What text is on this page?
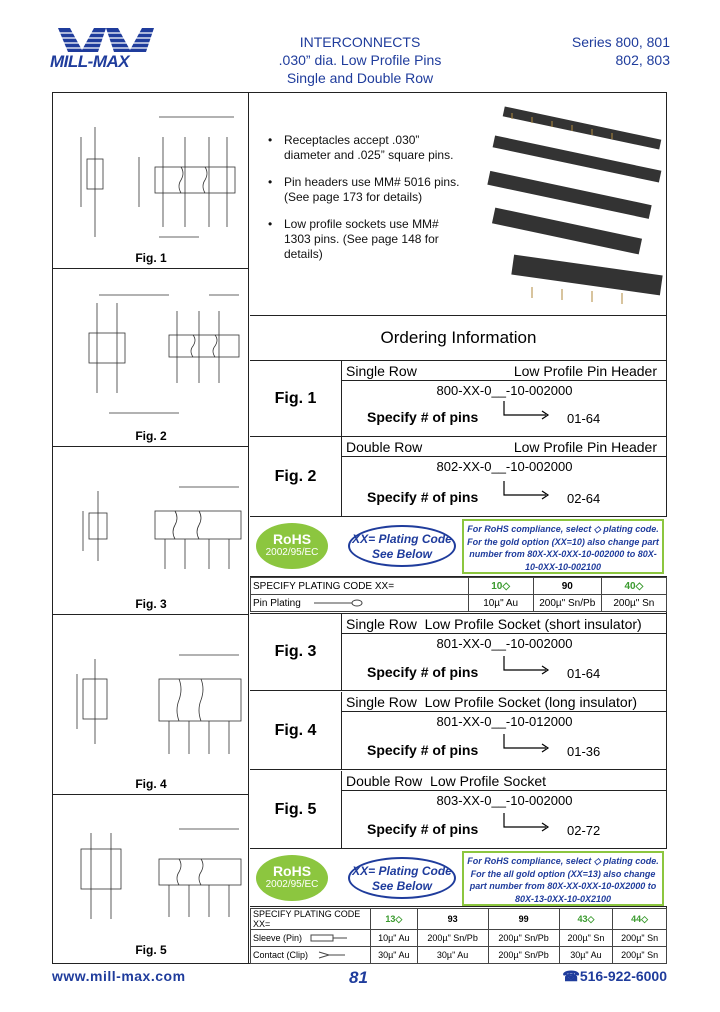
MILL-MAX
INTERCONNECTS
.030” dia. Low Profile Pins
Single and Double Row
Series 800, 801
802, 803
Fig. 1
Fig. 2
Fig. 3
Fig. 4
Fig. 5
• Receptacles accept .030” diameter and .025” square pins.
• Pin headers use MM# 5016 pins. (See page 173 for details)
• Low profile sockets use MM# 1303 pins. (See page 148 for details)
Ordering Information
Fig. 1
Single Row	Low Profile Pin Header
800-XX-0__-10-002000
Specify # of pins	01-64
Fig. 2
Double Row	Low Profile Pin Header
802-XX-0__-10-002000
Specify # of pins	02-64
RoHS
2002/95/EC
XX= Plating Code
See Below
For RoHS compliance, select ◇ plating code. For the gold option (XX=10) also change part number from 80X-XX-0XX-10-002000 to 80X-10-0XX-10-002100
SPECIFY PLATING CODE XX=	10◇	90	40◇
Pin Plating	10µ" Au	200µ" Sn/Pb	200µ" Sn
Fig. 3
Single Row Low Profile Socket (short insulator)
801-XX-0__-10-002000
Specify # of pins	01-64
Fig. 4
Single Row Low Profile Socket (long insulator)
801-XX-0__-10-012000
Specify # of pins	01-36
Fig. 5
Double Row Low Profile Socket
803-XX-0__-10-002000
Specify # of pins	02-72
RoHS
2002/95/EC
XX= Plating Code
See Below
For RoHS compliance, select ◇ plating code. For the all gold option (XX=13) also change part number from 80X-XX-0XX-10-0X2000 to 80X-13-0XX-10-0X2100
SPECIFY PLATING CODE XX=	13◇	93	99	43◇	44◇
Sleeve (Pin)	10µ" Au	200µ" Sn/Pb	200µ" Sn/Pb	200µ" Sn	200µ" Sn
Contact (Clip)	30µ" Au	30µ" Au	200µ" Sn/Pb	30µ" Au	200µ" Sn
www.mill-max.com	81	☎516-922-6000
